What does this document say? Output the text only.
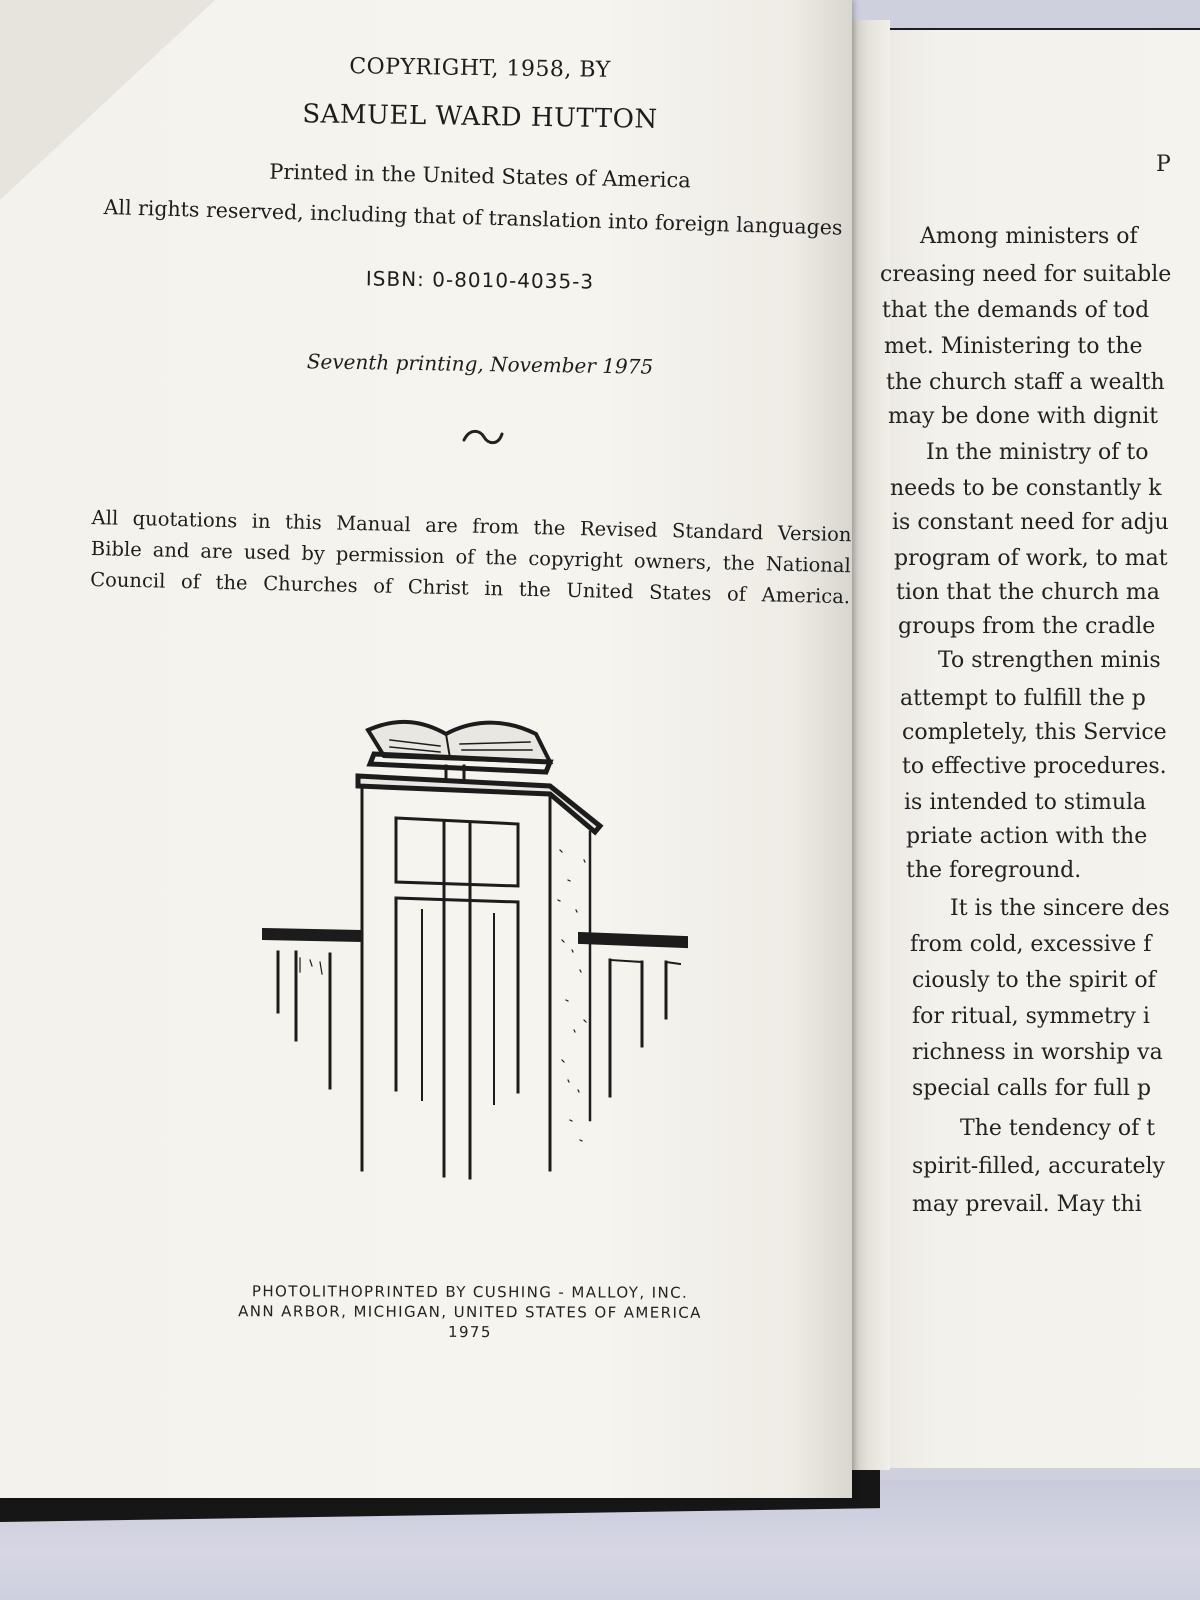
COPYRIGHT, 1958, BY
SAMUEL WARD HUTTON
Printed in the United States of America
All rights reserved, including that of translation into foreign languages
ISBN: 0-8010-4035-3
Seventh printing, November 1975

All quotations in this Manual are from the Revised Standard Version
Bible and are used by permission of the copyright owners, the National
Council of the Churches of Christ in the United States of America.

PHOTOLITHOPRINTED BY CUSHING - MALLOY, INC.
ANN ARBOR, MICHIGAN, UNITED STATES OF AMERICA
1975
P
Among ministers of
creasing need for suitable
that the demands of tod
met. Ministering to the
the church staff a wealth
may be done with dignit
In the ministry of to
needs to be constantly k
is constant need for adju
program of work, to mat
tion that the church ma
groups from the cradle
To strengthen minis
attempt to fulfill the p
completely, this Service
to effective procedures.
is intended to stimula
priate action with the
the foreground.
It is the sincere des
from cold, excessive f
ciously to the spirit of
for ritual, symmetry i
richness in worship va
special calls for full p
The tendency of t
spirit-filled, accurately
may prevail. May thi
